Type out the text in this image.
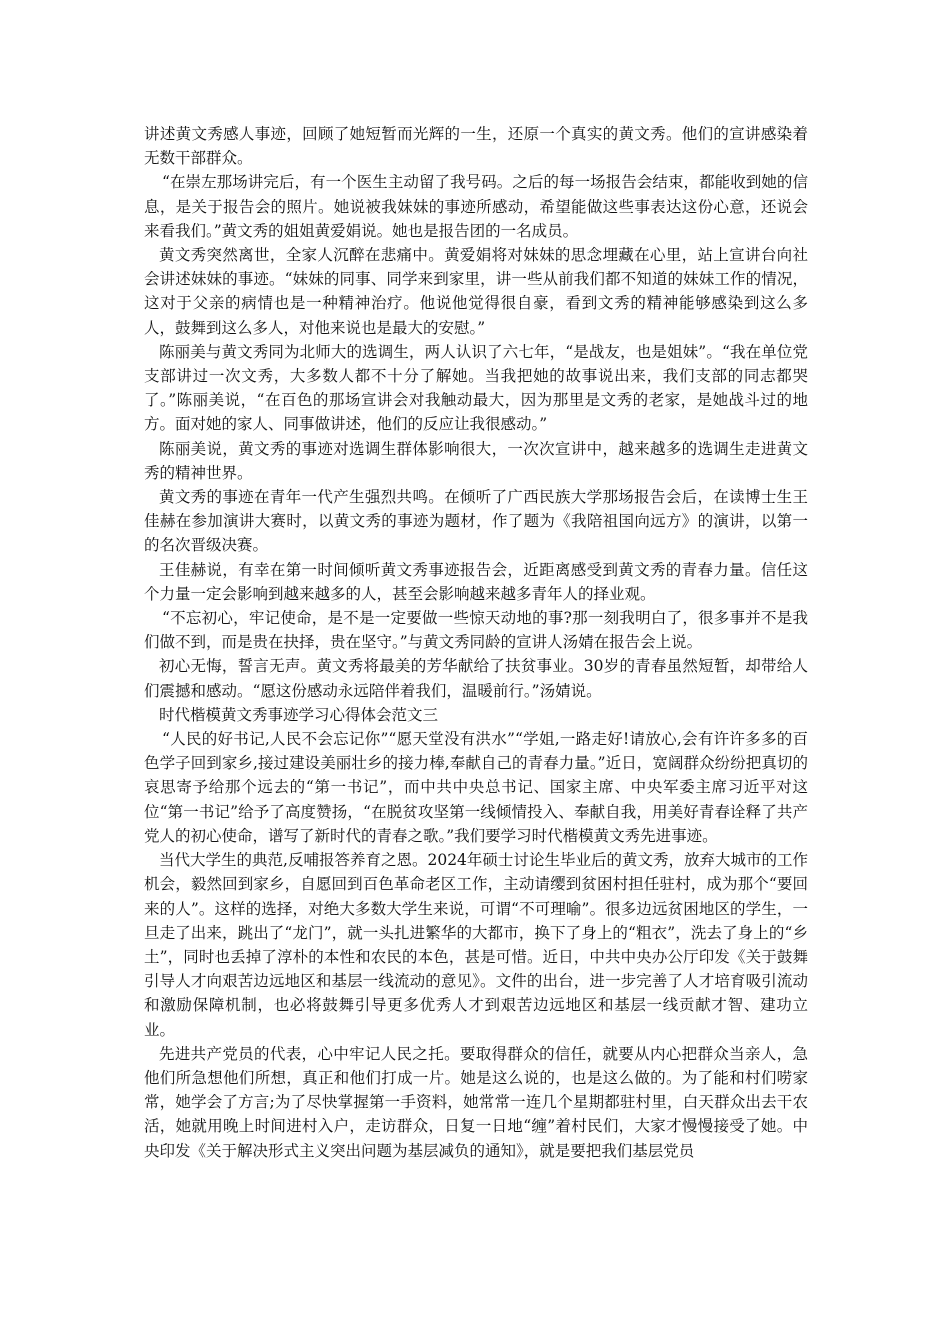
讲述黄文秀感人事迹，回顾了她短暂而光辉的一生，还原一个真实的黄文秀。他们的宣讲感染着无数干部群众。

“在崇左那场讲完后，有一个医生主动留了我号码。之后的每一场报告会结束，都能收到她的信息，是关于报告会的照片。她说被我妹妹的事迹所感动，希望能做这些事表达这份心意，还说会来看我们。”黄文秀的姐姐黄爱娟说。她也是报告团的一名成员。

黄文秀突然离世，全家人沉醉在悲痛中。黄爱娟将对妹妹的思念埋藏在心里，站上宣讲台向社会讲述妹妹的事迹。“妹妹的同事、同学来到家里，讲一些从前我们都不知道的妹妹工作的情况，这对于父亲的病情也是一种精神治疗。他说他觉得很自豪，看到文秀的精神能够感染到这么多人，鼓舞到这么多人，对他来说也是最大的安慰。”

陈丽美与黄文秀同为北师大的选调生，两人认识了六七年，“是战友，也是姐妹”。“我在单位党支部讲过一次文秀，大多数人都不十分了解她。当我把她的故事说出来，我们支部的同志都哭了。”陈丽美说，“在百色的那场宣讲会对我触动最大，因为那里是文秀的老家，是她战斗过的地方。面对她的家人、同事做讲述，他们的反应让我很感动。”

陈丽美说，黄文秀的事迹对选调生群体影响很大，一次次宣讲中，越来越多的选调生走进黄文秀的精神世界。

黄文秀的事迹在青年一代产生强烈共鸣。在倾听了广西民族大学那场报告会后，在读博士生王佳赫在参加演讲大赛时，以黄文秀的事迹为题材，作了题为《我陪祖国向远方》的演讲，以第一的名次晋级决赛。

王佳赫说，有幸在第一时间倾听黄文秀事迹报告会，近距离感受到黄文秀的青春力量。信任这个力量一定会影响到越来越多的人，甚至会影响越来越多青年人的择业观。

“不忘初心，牢记使命，是不是一定要做一些惊天动地的事?那一刻我明白了，很多事并不是我们做不到，而是贵在抉择，贵在坚守。”与黄文秀同龄的宣讲人汤婧在报告会上说。

初心无悔，誓言无声。黄文秀将最美的芳华献给了扶贫事业。30岁的青春虽然短暂，却带给人们震撼和感动。“愿这份感动永远陪伴着我们，温暖前行。”汤婧说。

时代楷模黄文秀事迹学习心得体会范文三

“人民的好书记,人民不会忘记你”“愿天堂没有洪水”“学姐,一路走好!请放心,会有许许多多的百色学子回到家乡,接过建设美丽壮乡的接力棒,奉献自己的青春力量。”近日，宽阔群众纷纷把真切的哀思寄予给那个远去的“第一书记”，而中共中央总书记、国家主席、中央军委主席习近平对这位“第一书记”给予了高度赞扬，“在脱贫攻坚第一线倾情投入、奉献自我，用美好青春诠释了共产党人的初心使命，谱写了新时代的青春之歌。”我们要学习时代楷模黄文秀先进事迹。

当代大学生的典范,反哺报答养育之恩。2024年硕士讨论生毕业后的黄文秀，放弃大城市的工作机会，毅然回到家乡，自愿回到百色革命老区工作，主动请缨到贫困村担任驻村，成为那个“要回来的人”。这样的选择，对绝大多数大学生来说，可谓“不可理喻”。很多边远贫困地区的学生，一旦走了出来，跳出了“龙门”，就一头扎进繁华的大都市，换下了身上的“粗衣”，洗去了身上的“乡土”，同时也丢掉了淳朴的本性和农民的本色，甚是可惜。近日，中共中央办公厅印发《关于鼓舞引导人才向艰苦边远地区和基层一线流动的意见》。文件的出台，进一步完善了人才培育吸引流动和激励保障机制，也必将鼓舞引导更多优秀人才到艰苦边远地区和基层一线贡献才智、建功立业。

先进共产党员的代表，心中牢记人民之托。要取得群众的信任，就要从内心把群众当亲人，急他们所急想他们所想，真正和他们打成一片。她是这么说的，也是这么做的。为了能和村们唠家常，她学会了方言;为了尽快掌握第一手资料，她常常一连几个星期都驻村里，白天群众出去干农活，她就用晚上时间进村入户，走访群众，日复一日地“缠”着村民们，大家才慢慢接受了她。中央印发《关于解决形式主义突出问题为基层减负的通知》，就是要把我们基层党员
